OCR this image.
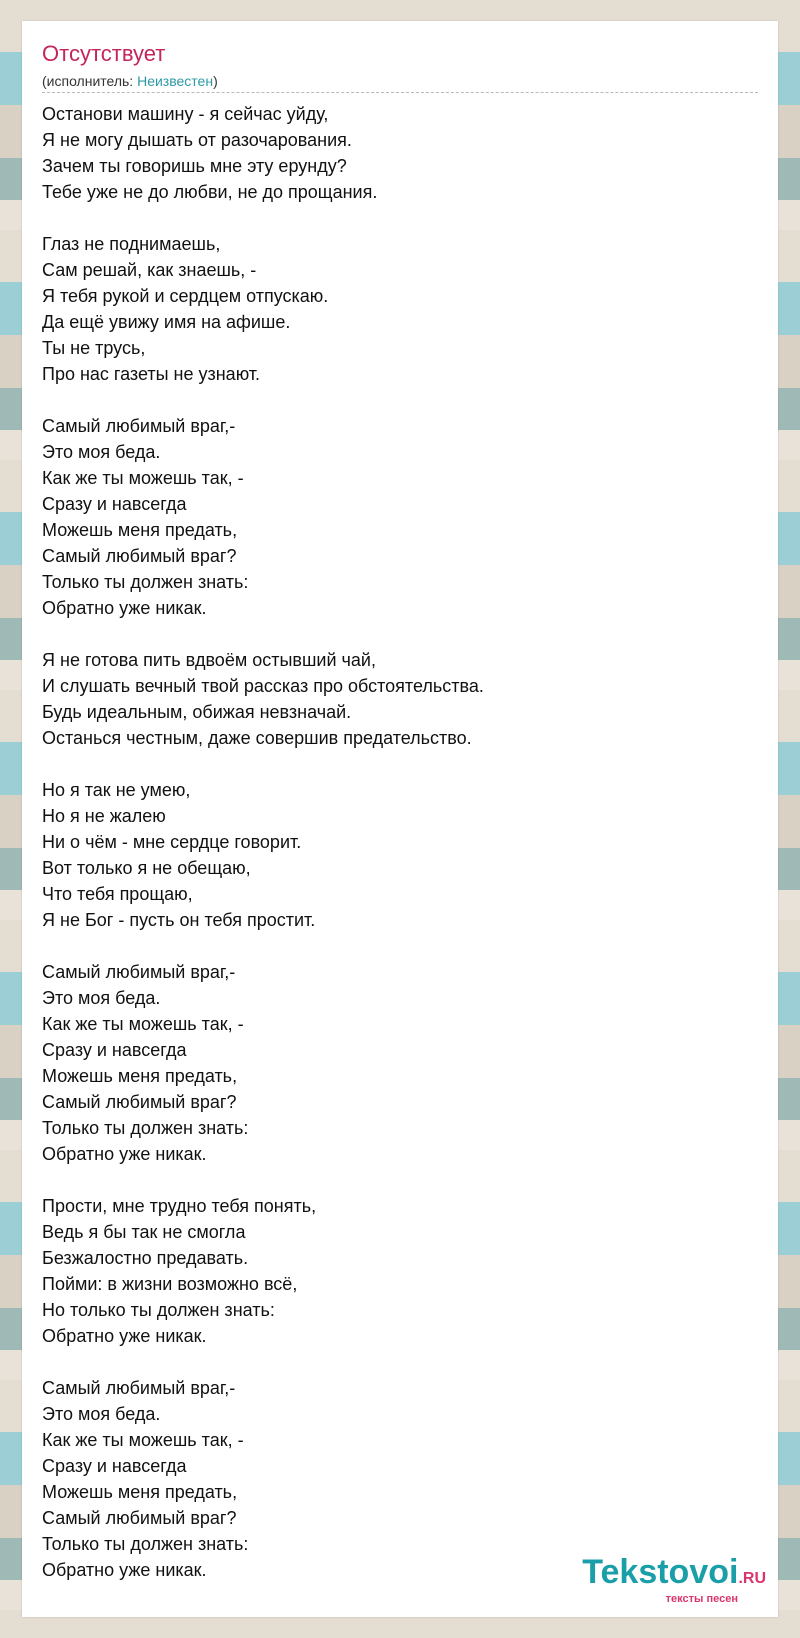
Отсутствует
(исполнитель: Неизвестен)
Останови машину - я сейчас уйду,
Я не могу дышать от разочарования.
Зачем ты говоришь мне эту ерунду?
Тебе уже не до любви, не до прощания.
Глаз не поднимаешь,
Сам решай, как знаешь, -
Я тебя рукой и сердцем отпускаю.
Да ещё увижу имя на афише.
Ты не трусь,
Про нас газеты не узнают.
Самый любимый враг,-
Это моя беда.
Как же ты можешь так, -
Сразу и навсегда
Можешь меня предать,
Самый любимый враг?
Только ты должен знать:
Обратно уже никак.
Я не готова пить вдвоём остывший чай,
И слушать вечный твой рассказ про обстоятельства.
Будь идеальным, обижая невзначай.
Останься честным, даже совершив предательство.
Но я так не умею,
Но я не жалею
Ни о чём - мне сердце говорит.
Вот только я не обещаю,
Что тебя прощаю,
Я не Бог - пусть он тебя простит.
Самый любимый враг,-
Это моя беда.
Как же ты можешь так, -
Сразу и навсегда
Можешь меня предать,
Самый любимый враг?
Только ты должен знать:
Обратно уже никак.
Прости, мне трудно тебя понять,
Ведь я бы так не смогла
Безжалостно предавать.
Пойми: в жизни возможно всё,
Но только ты должен знать:
Обратно уже никак.
Самый любимый враг,-
Это моя беда.
Как же ты можешь так, -
Сразу и навсегда
Можешь меня предать,
Самый любимый враг?
Только ты должен знать:
Обратно уже никак.	Tekstovoi.RU
тексты песен
